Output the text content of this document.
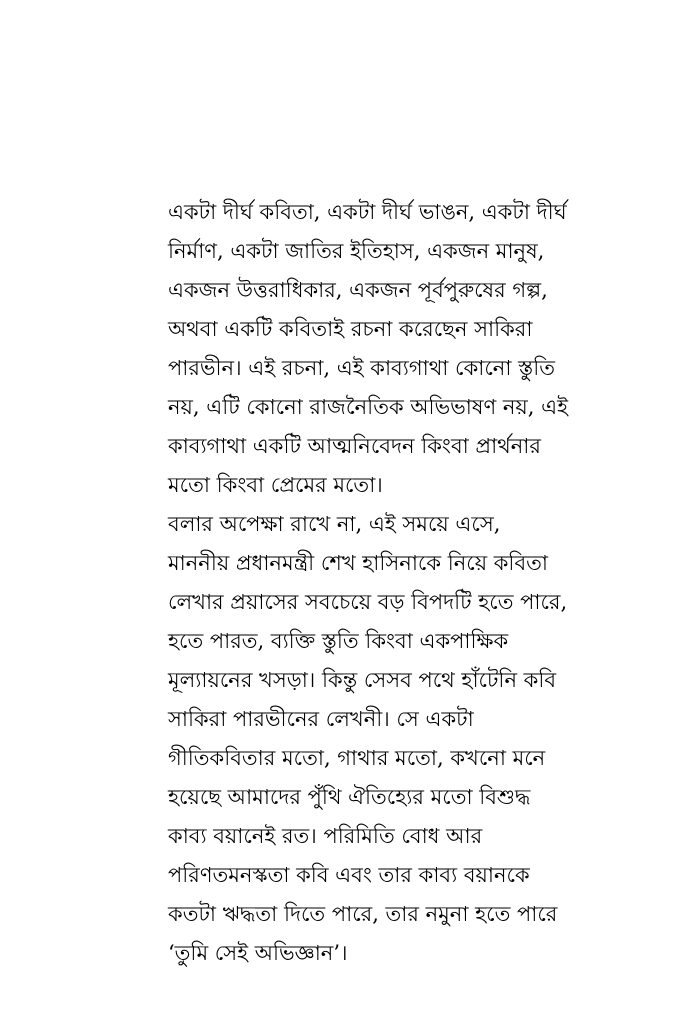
একটা দীর্ঘ কবিতা, একটা দীর্ঘ ভাঙন, একটা দীর্ঘ
নির্মাণ, একটা জাতির ইতিহাস, একজন মানুষ,
একজন উত্তরাধিকার, একজন পূর্বপুরুষের গল্প,
অথবা একটি কবিতাই রচনা করেছেন সাকিরা
পারভীন। এই রচনা, এই কাব্যগাথা কোনো স্তুতি
নয়, এটি কোনো রাজনৈতিক অভিভাষণ নয়, এই
কাব্যগাথা একটি আত্মনিবেদন কিংবা প্রার্থনার
মতো কিংবা প্রেমের মতো।
বলার অপেক্ষা রাখে না, এই সময়ে এসে,
মাননীয় প্রধানমন্ত্রী শেখ হাসিনাকে নিয়ে কবিতা
লেখার প্রয়াসের সবচেয়ে বড় বিপদটি হতে পারে,
হতে পারত, ব্যক্তি স্তুতি কিংবা একপাক্ষিক
মূল্যায়নের খসড়া। কিন্তু সেসব পথে হাঁটেনি কবি
সাকিরা পারভীনের লেখনী। সে একটা
গীতিকবিতার মতো, গাথার মতো, কখনো মনে
হয়েছে আমাদের পুঁথি ঐতিহ্যের মতো বিশুদ্ধ
কাব্য বয়ানেই রত। পরিমিতি বোধ আর
পরিণতমনস্কতা কবি এবং তার কাব্য বয়ানকে
কতটা ঋদ্ধতা দিতে পারে, তার নমুনা হতে পারে
‘তুমি সেই অভিজ্ঞান’।
